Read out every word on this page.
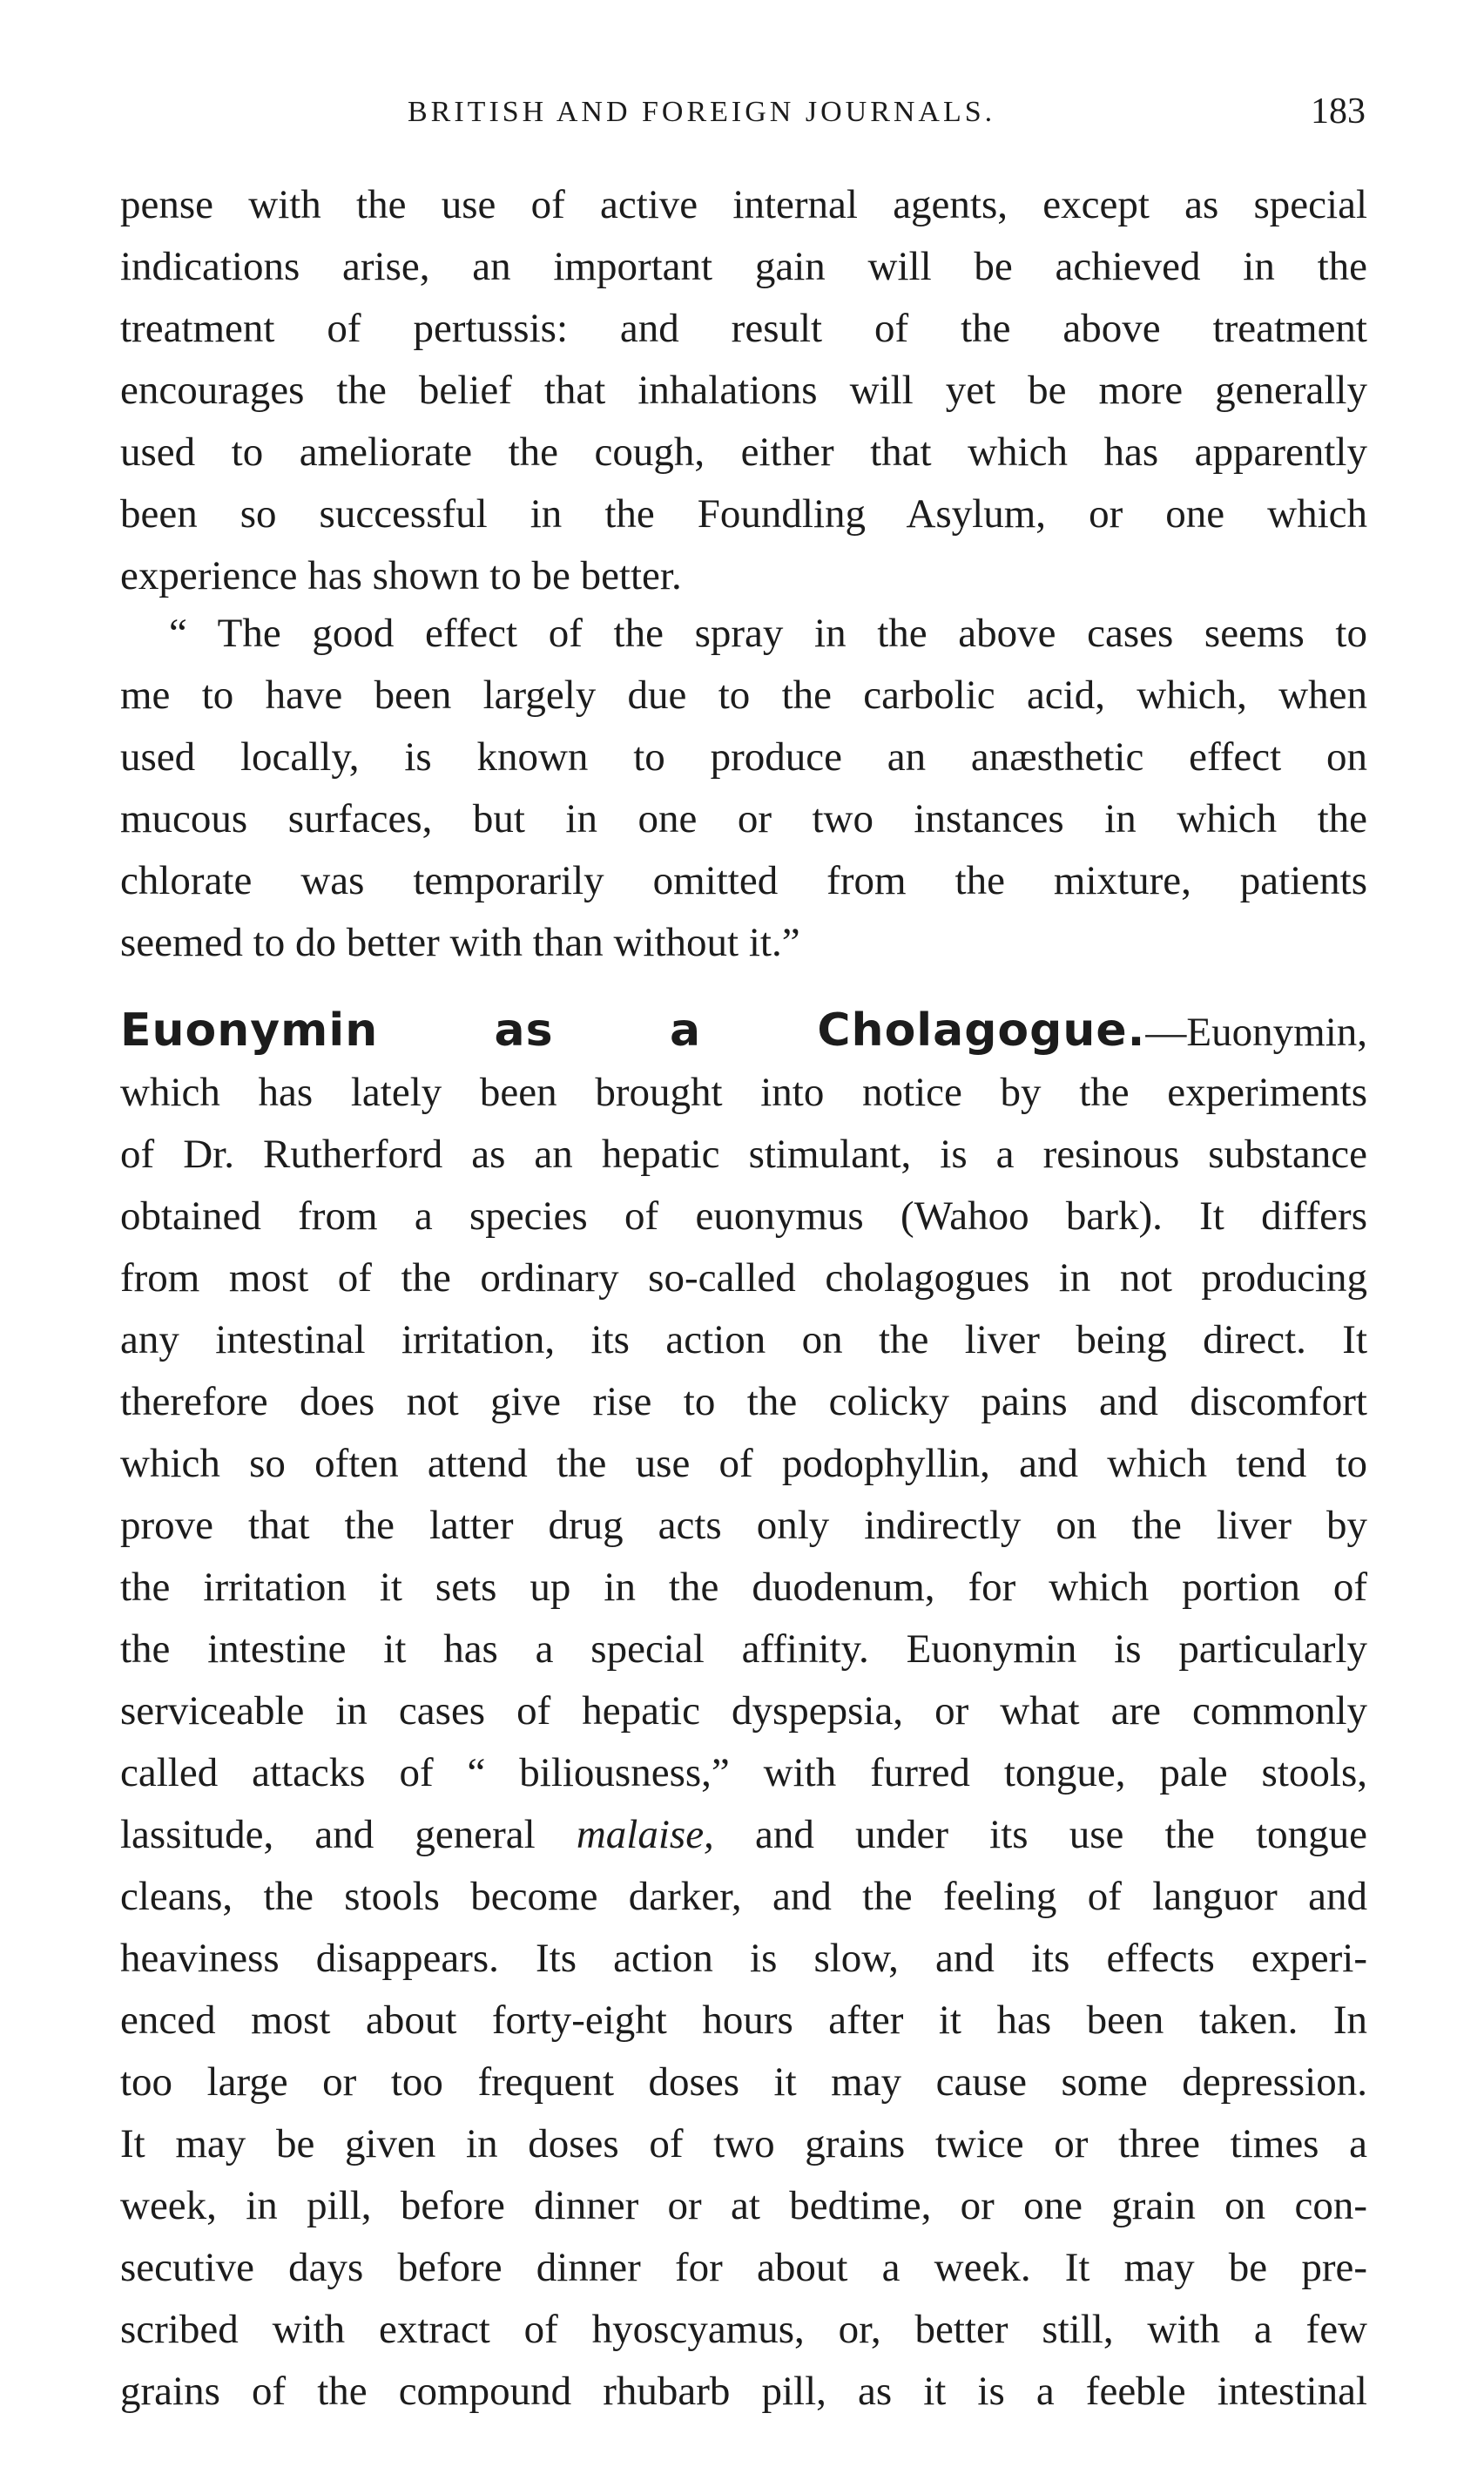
BRITISH AND FOREIGN JOURNALS.	183
pense with the use of active internal agents, except as special
indications arise, an important gain will be achieved in the
treatment of pertussis: and result of the above treatment
encourages the belief that inhalations will yet be more generally
used to ameliorate the cough, either that which has apparently
been so successful in the Foundling Asylum, or one which
experience has shown to be better.
“ The good effect of the spray in the above cases seems to
me to have been largely due to the carbolic acid, which, when
used locally, is known to produce an anæsthetic effect on
mucous surfaces, but in one or two instances in which the
chlorate was temporarily omitted from the mixture, patients
seemed to do better with than without it.”
Euonymin as a Cholagogue.—Euonymin,
which has lately been brought into notice by the experiments
of Dr. Rutherford as an hepatic stimulant, is a resinous substance
obtained from a species of euonymus (Wahoo bark). It differs
from most of the ordinary so-called cholagogues in not producing
any intestinal irritation, its action on the liver being direct. It
therefore does not give rise to the colicky pains and discomfort
which so often attend the use of podophyllin, and which tend to
prove that the latter drug acts only indirectly on the liver by
the irritation it sets up in the duodenum, for which portion of
the intestine it has a special affinity. Euonymin is particularly
serviceable in cases of hepatic dyspepsia, or what are commonly
called attacks of “ biliousness,” with furred tongue, pale stools,
lassitude, and general malaise, and under its use the tongue
cleans, the stools become darker, and the feeling of languor and
heaviness disappears. Its action is slow, and its effects experi-
enced most about forty-eight hours after it has been taken. In
too large or too frequent doses it may cause some depression.
It may be given in doses of two grains twice or three times a
week, in pill, before dinner or at bedtime, or one grain on con-
secutive days before dinner for about a week. It may be pre-
scribed with extract of hyoscyamus, or, better still, with a few
grains of the compound rhubarb pill, as it is a feeble intestinal
